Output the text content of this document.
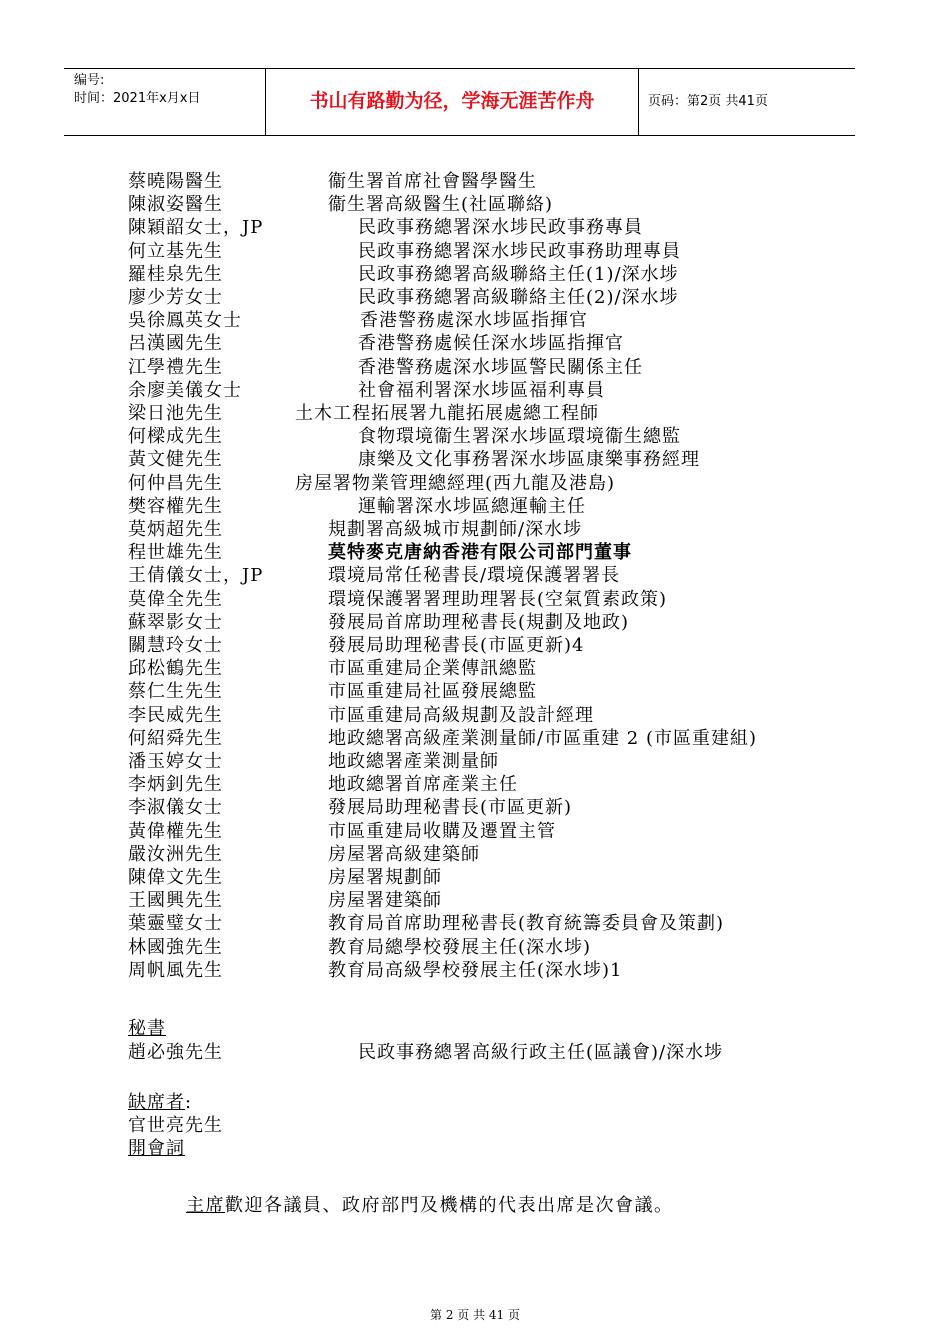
编号:
时间：2021年x月x日	书山有路勤为径，学海无涯苦作舟	页码：第2页 共41页
蔡曉陽醫生	衞生署首席社會醫學醫生
陳淑姿醫生	衞生署高級醫生(社區聯絡)
陳穎韶女士，JP	民政事務總署深水埗民政事務專員
何立基先生	民政事務總署深水埗民政事務助理專員
羅桂泉先生	民政事務總署高級聯絡主任(1)/深水埗
廖少芳女士	民政事務總署高級聯絡主任(2)/深水埗
吳徐鳳英女士	香港警務處深水埗區指揮官
呂漢國先生	香港警務處候任深水埗區指揮官
江學禮先生	香港警務處深水埗區警民關係主任
余廖美儀女士	社會福利署深水埗區福利專員
梁日池先生	土木工程拓展署九龍拓展處總工程師
何樑成先生	食物環境衞生署深水埗區環境衞生總監
黃文健先生	康樂及文化事務署深水埗區康樂事務經理
何仲昌先生	房屋署物業管理總經理(西九龍及港島)
樊容權先生	運輸署深水埗區總運輸主任
莫炳超先生	規劃署高級城市規劃師/深水埗
程世雄先生	莫特麥克唐納香港有限公司部門董事
王倩儀女士，JP	環境局常任秘書長/環境保護署署長
莫偉全先生	環境保護署署理助理署長(空氣質素政策)
蘇翠影女士	發展局首席助理秘書長(規劃及地政)
關慧玲女士	發展局助理秘書長(市區更新)4
邱松鶴先生	市區重建局企業傳訊總監
蔡仁生先生	市區重建局社區發展總監
李民威先生	市區重建局高級規劃及設計經理
何紹舜先生	地政總署高級產業測量師/市區重建 2 (市區重建組)
潘玉婷女士	地政總署產業測量師
李炳釗先生	地政總署首席產業主任
李淑儀女士	發展局助理秘書長(市區更新)
黃偉權先生	市區重建局收購及遷置主管
嚴汝洲先生	房屋署高級建築師
陳偉文先生	房屋署規劃師
王國興先生	房屋署建築師
葉靈璧女士	教育局首席助理秘書長(教育統籌委員會及策劃)
林國強先生	教育局總學校發展主任(深水埗)
周帆風先生	教育局高級學校發展主任(深水埗)1
秘書
趙必強先生	民政事務總署高級行政主任(區議會)/深水埗
缺席者:
官世亮先生
開會詞
主席歡迎各議員、政府部門及機構的代表出席是次會議。
第 2 页 共 41 页
